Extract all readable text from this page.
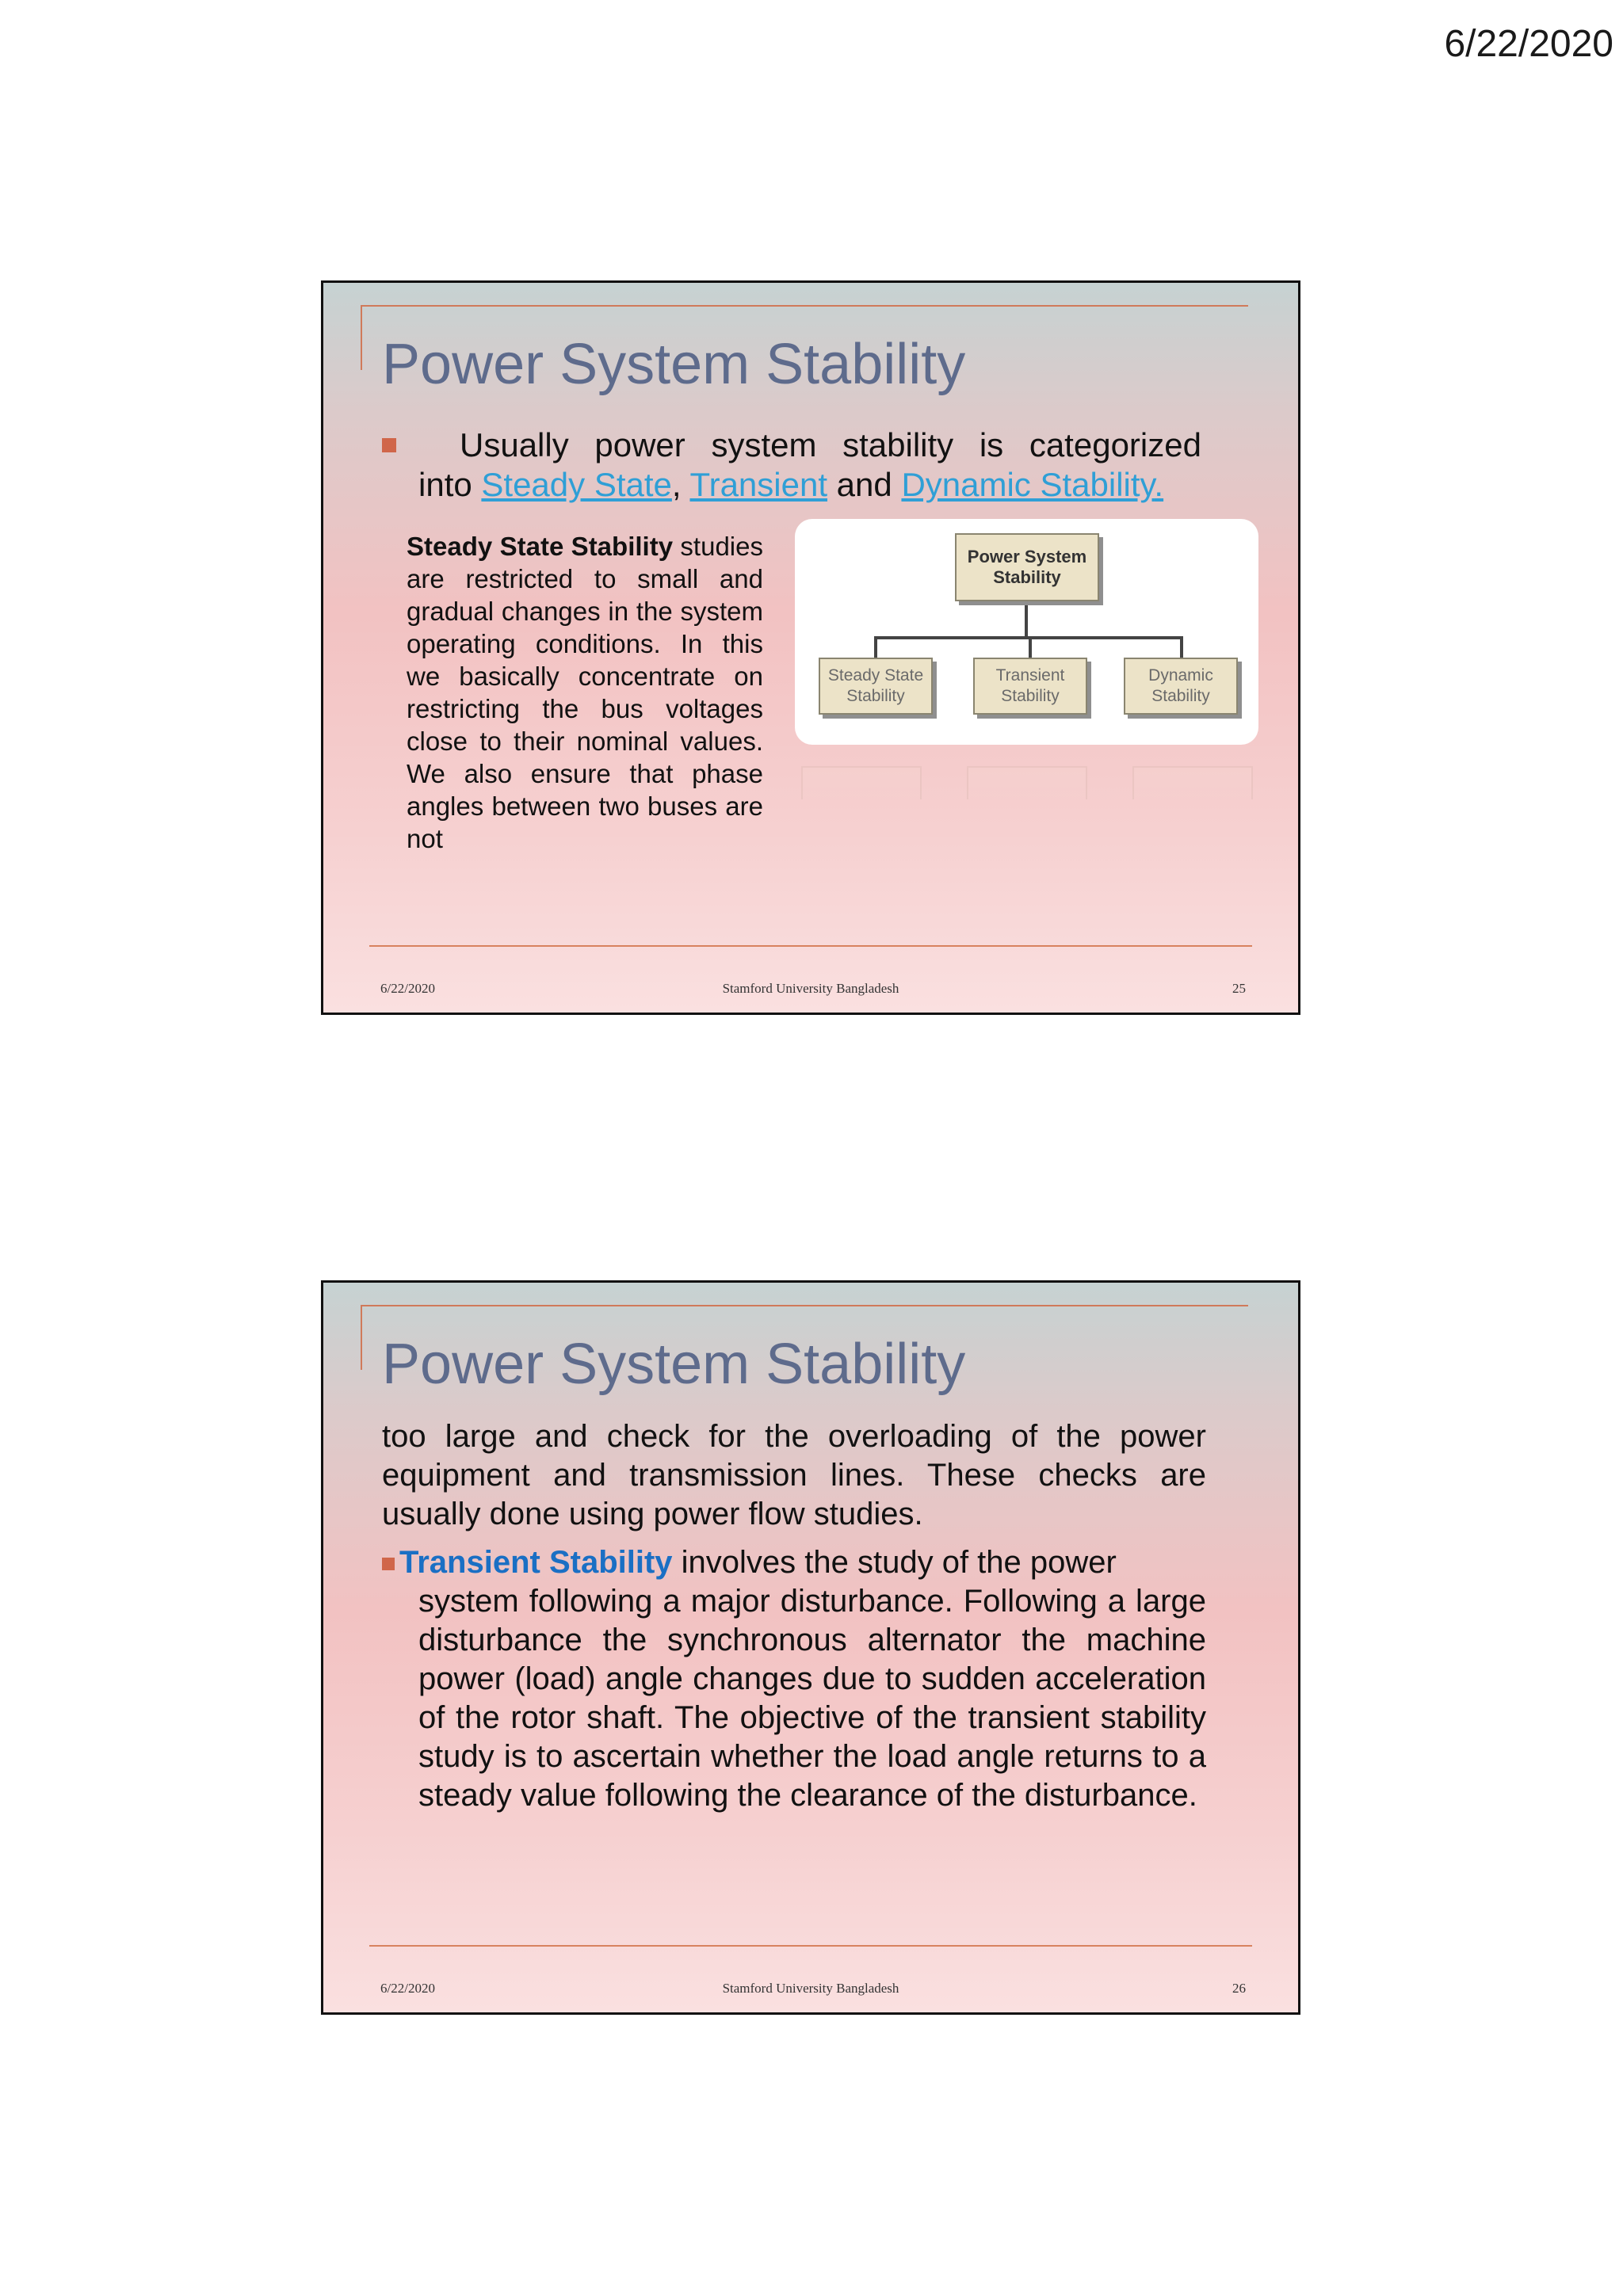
6/22/2020
Power System Stability
Usually power system stability is categorized
into Steady State, Transient and Dynamic Stability.
Steady State Stability studies are restricted to small and gradual changes in the system operating conditions. In this we basically concentrate on restricting the bus voltages close to their nominal values. We also ensure that phase angles between two buses are not
Power System Stability
Steady State Stability
Transient Stability
Dynamic Stability
6/22/2020	Stamford University Bangladesh	25
Power System Stability
too large and check for the overloading of the power equipment and transmission lines. These checks are usually done using power flow studies.
Transient Stability involves the study of the power
system following a major disturbance. Following a large disturbance the synchronous alternator the machine power (load) angle changes due to sudden acceleration of the rotor shaft. The objective of the transient stability study is to ascertain whether the load angle returns to a steady value following the clearance of the disturbance.
6/22/2020	Stamford University Bangladesh	26
